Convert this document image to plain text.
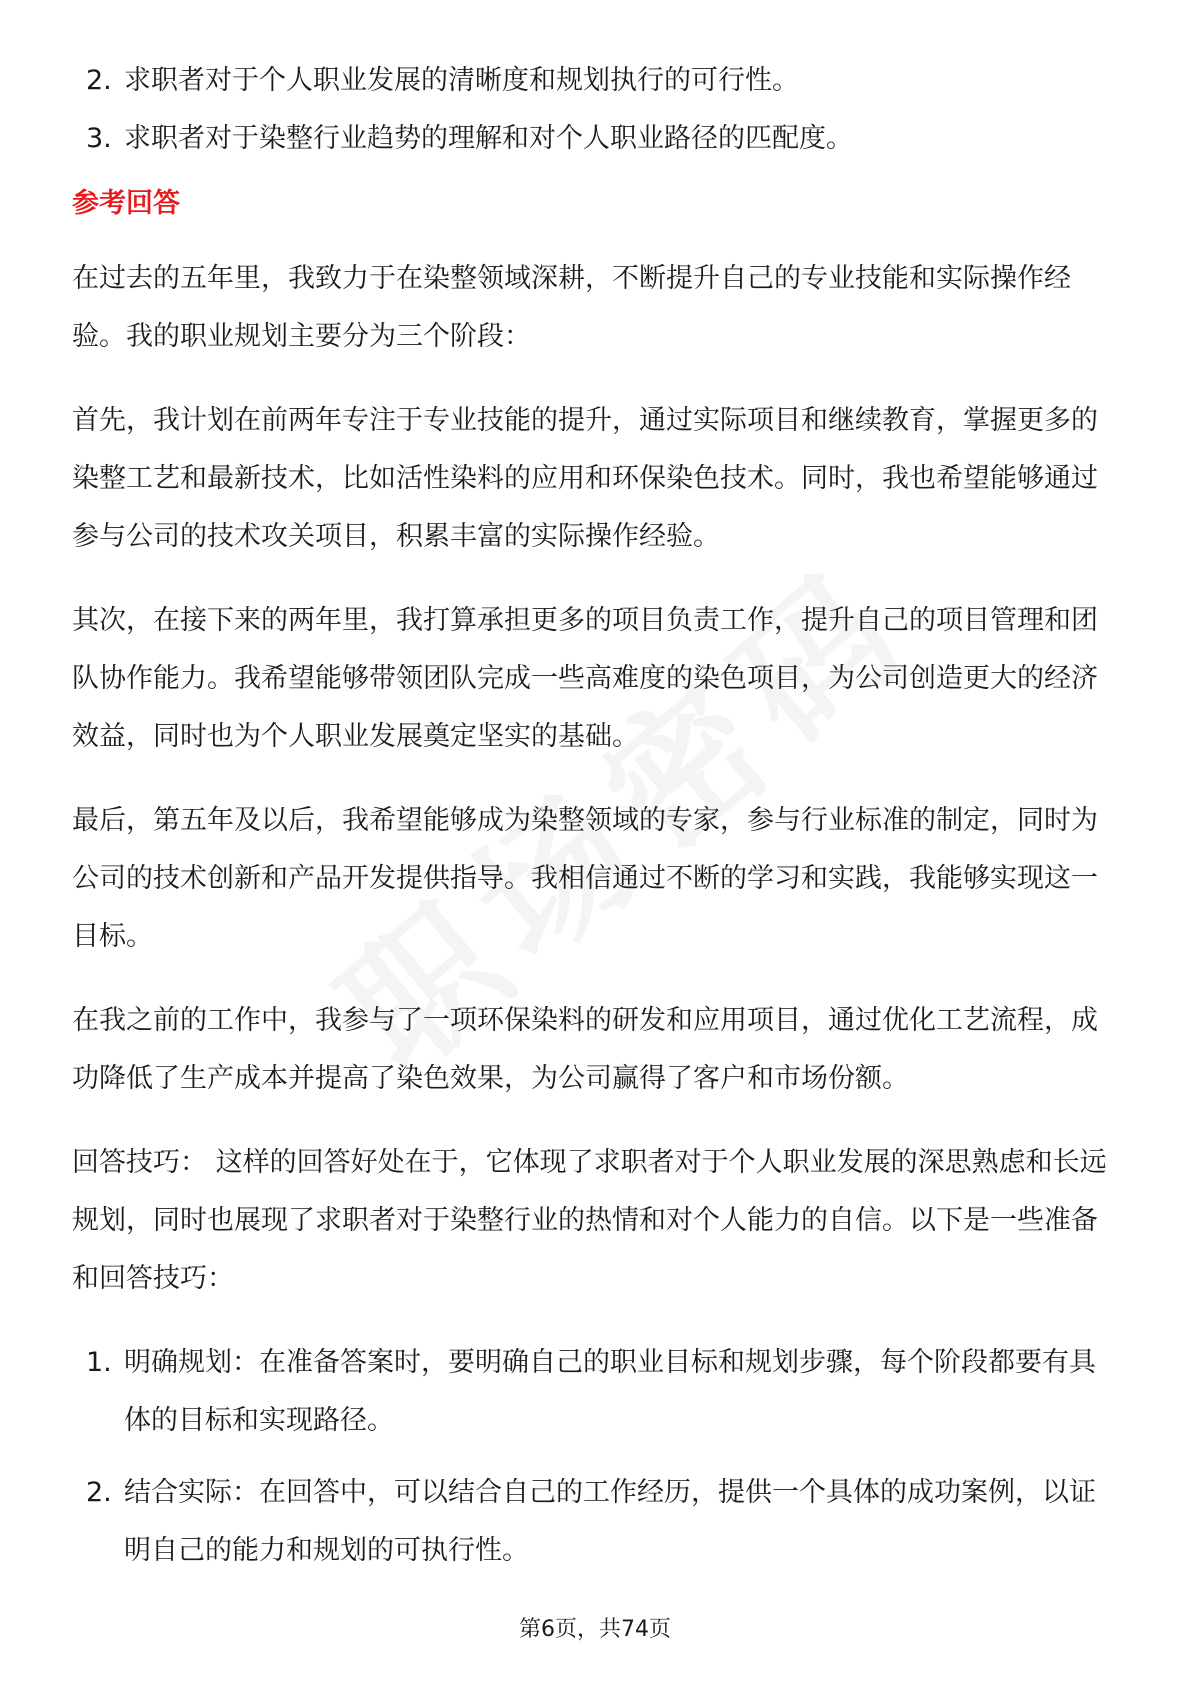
2. 求职者对于个人职业发展的清晰度和规划执行的可行性。
3. 求职者对于染整行业趋势的理解和对个人职业路径的匹配度。
参考回答

在过去的五年里，我致力于在染整领域深耕，不断提升自己的专业技能和实际操作经验。我的职业规划主要分为三个阶段：

首先，我计划在前两年专注于专业技能的提升，通过实际项目和继续教育，掌握更多的染整工艺和最新技术，比如活性染料的应用和环保染色技术。同时，我也希望能够通过参与公司的技术攻关项目，积累丰富的实际操作经验。

其次，在接下来的两年里，我打算承担更多的项目负责工作，提升自己的项目管理和团队协作能力。我希望能够带领团队完成一些高难度的染色项目，为公司创造更大的经济效益，同时也为个人职业发展奠定坚实的基础。

最后，第五年及以后，我希望能够成为染整领域的专家，参与行业标准的制定，同时为公司的技术创新和产品开发提供指导。我相信通过不断的学习和实践，我能够实现这一目标。

在我之前的工作中，我参与了一项环保染料的研发和应用项目，通过优化工艺流程，成功降低了生产成本并提高了染色效果，为公司赢得了客户和市场份额。

回答技巧： 这样的回答好处在于，它体现了求职者对于个人职业发展的深思熟虑和长远规划，同时也展现了求职者对于染整行业的热情和对个人能力的自信。以下是一些准备和回答技巧：

1. 明确规划：在准备答案时，要明确自己的职业目标和规划步骤，每个阶段都要有具体的目标和实现路径。
2. 结合实际：在回答中，可以结合自己的工作经历，提供一个具体的成功案例，以证明自己的能力和规划的可执行性。
第6页，共74页
